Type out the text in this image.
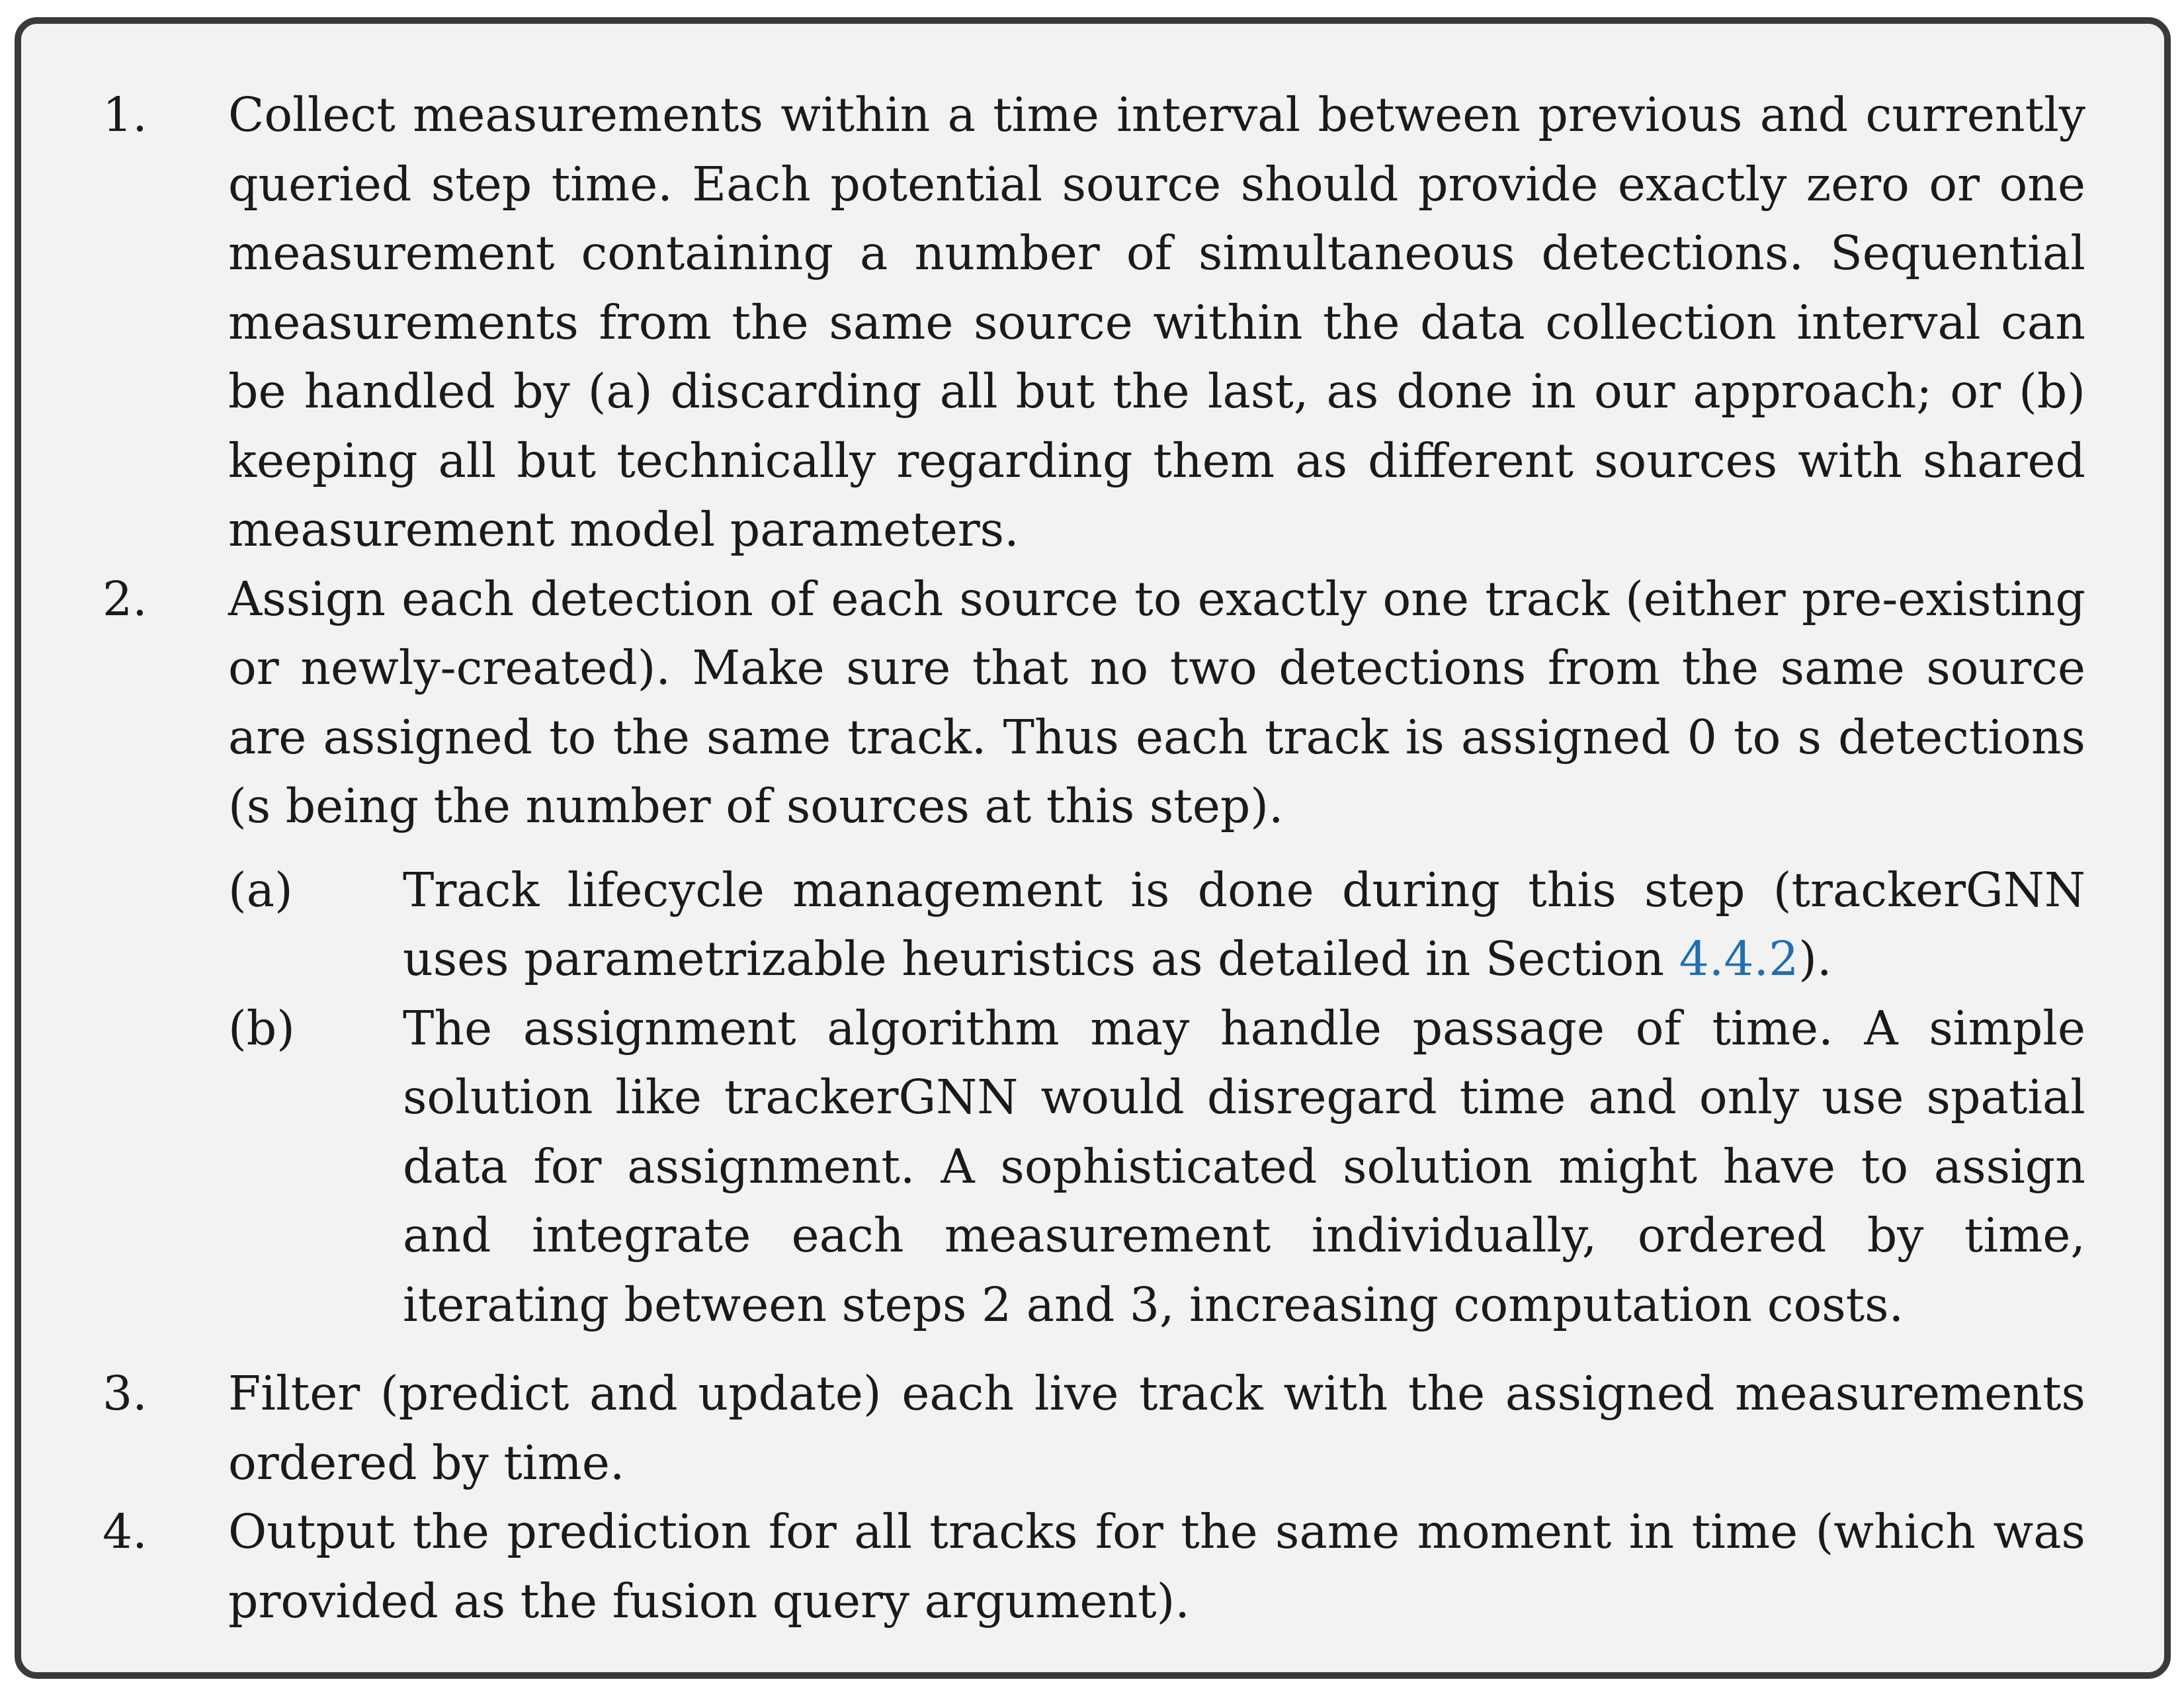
1. Collect measurements within a time interval between previous and currently queried step time. Each potential source should provide exactly zero or one measurement containing a number of simultaneous detections. Sequential measurements from the same source within the data collection interval can be handled by (a) discarding all but the last, as done in our approach; or (b) keeping all but technically regarding them as different sources with shared measurement model parameters.
2. Assign each detection of each source to exactly one track (either pre-existing or newly-created). Make sure that no two detections from the same source are assigned to the same track. Thus each track is assigned 0 to s detections (s being the number of sources at this step).
(a) Track lifecycle management is done during this step (trackerGNN uses parametrizable heuristics as detailed in Section 4.4.2).
(b) The assignment algorithm may handle passage of time. A simple solution like trackerGNN would disregard time and only use spatial data for assignment. A sophisticated solution might have to assign and integrate each measurement individually, ordered by time, iterating between steps 2 and 3, increasing computation costs.
3. Filter (predict and update) each live track with the assigned measurements ordered by time.
4. Output the prediction for all tracks for the same moment in time (which was provided as the fusion query argument).
